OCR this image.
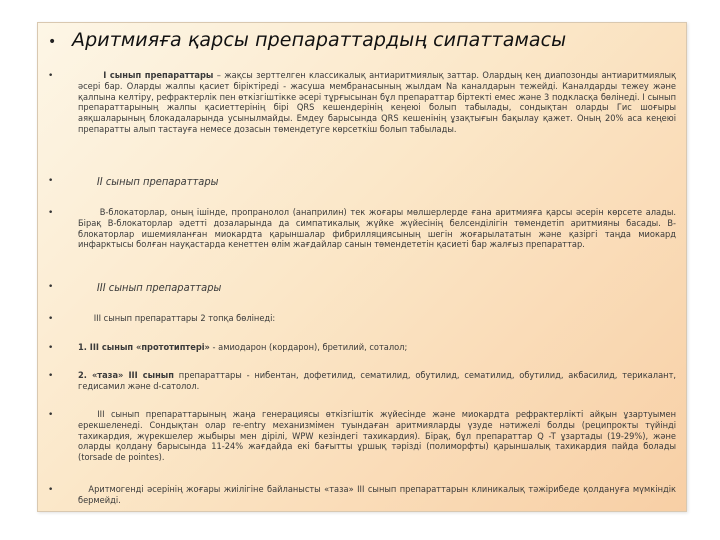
• Аритмияға қарсы препараттардың сипаттамасы
•	I сынып препараттары – жақсы зерттелген классикалық антиаритмиялық заттар. Олардың кең диапозонды антиаритмиялық әсері бар. Оларды жалпы қасиет біріктіреді - жасуша мембранасының жылдам Na каналдарын тежейді. Каналдарды тежеу және қалпына келтіру, рефрактерлік пен өткізгіштікке әсері тұрғысынан бұл препараттар біртекті емес және 3 подкласқа бөлінеді. I сынып препараттарының жалпы қасиеттерінің бірі QRS кешендерінің кеңеюі болып табылады, сондықтан оларды Гис шоғыры аяқшаларының блокадаларында усынылмайды. Емдеу барысында QRS кешенінің ұзақтығын бақылау қажет. Оның 20% аса кеңеюі препаратты алып тастауға немесе дозасын төмендетуге көрсеткіш болып табылады.
•	II сынып препараттары
•	В-блокаторлар, оның ішінде, пропранолол (анаприлин) тек жоғары мөлшерлерде ғана аритмияға қарсы әсерін көрсете алады. Бірақ В-блокаторлар әдетті дозаларында да симпатикалық жүйке жүйесінің белсенділігін төмендетіп аритмияны басады. В-блокаторлар ишемияланған миокардта қарыншалар фибрилляциясының шегін жоғарылататын және қазіргі таңда миокард инфарктысы болған науқастарда кенеттен өлім жағдайлар санын төмендететін қасиеті бар жалғыз препараттар.
•	III сынып препараттары
•	III сынып препараттары 2 топқа бөлінеді:
•	1. III сынып «прототиптері» - амиодарон (кордарон), бретилий, соталол;
•	2. «таза» III сынып препараттары - нибентан, дофетилид, сематилид, обутилид, сематилид, обутилид, акбасилид, терикалант, гедисамил және d-сатолол.
•	III сынып препараттарының жаңа генерациясы өткізгіштік жүйесінде және миокардта рефрактерлікті айқын ұзартуымен ерекшеленеді. Сондықтан олар re-entry механизмімен туындаған аритмияларды үзуде нәтижелі болды (реципрокты түйінді тахикардия, жүрекшелер жыбыры мен дірілі, WPW кезіндегі тахикардия). Бірақ, бұл препараттар Q -T ұзартады (19-29%), және оларды қолдану барысында 11-24% жағдайда екі бағытты ұршық тәрізді (полиморфты) қарыншалық тахикардия пайда болады (torsade de pointes).
•	Аритмогенді әсерінің жоғары жиілігіне байланысты «таза» III сынып препараттарын клиникалық тәжірибеде қолдануға мүмкіндік бермейді.
